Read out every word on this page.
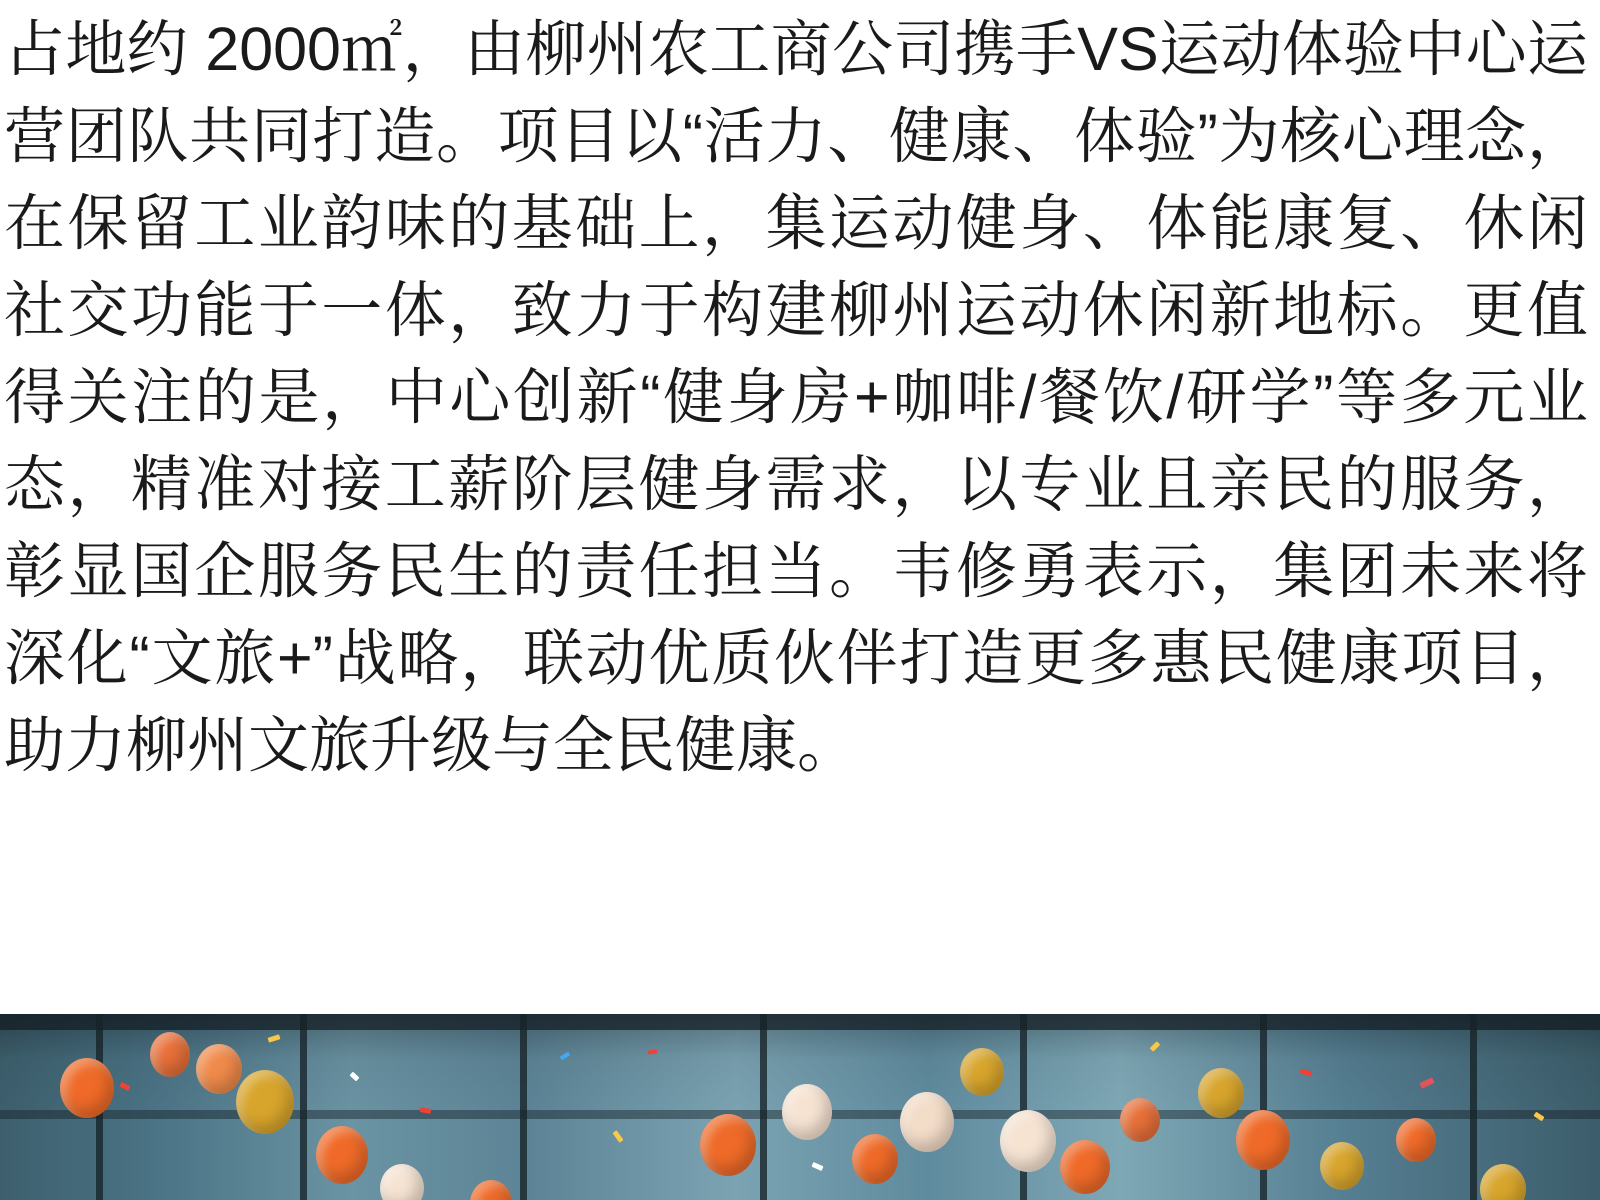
占地约 2000㎡，由柳州农工商公司携手VS运动体验中心运营团队共同打造。项目以“活力、健康、体验”为核心理念，在保留工业韵味的基础上，集运动健身、体能康复、休闲社交功能于一体，致力于构建柳州运动休闲新地标。更值得关注的是，中心创新“健身房+咖啡/餐饮/研学”等多元业态，精准对接工薪阶层健身需求，以专业且亲民的服务，彰显国企服务民生的责任担当。韦修勇表示，集团未来将深化“文旅+”战略，联动优质伙伴打造更多惠民健康项目，助力柳州文旅升级与全民健康。
